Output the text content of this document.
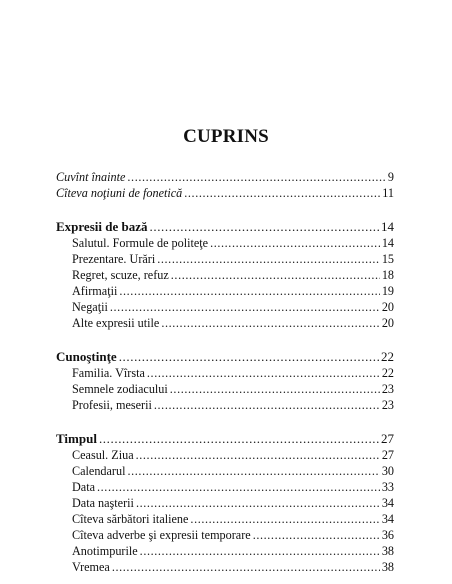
CUPRINS
Cuvînt înainte .....	9
Cîteva noţiuni de fonetică .....	11
Expresii de bază .....	14
Salutul. Formule de politeţe .....	14
Prezentare. Urări .....	15
Regret, scuze, refuz .....	18
Afirmaţii .....	19
Negaţii .....	20
Alte expresii utile .....	20
Cunoştinţe .....	22
Familia. Vîrsta .....	22
Semnele zodiacului .....	23
Profesii, meserii .....	23
Timpul .....	27
Ceasul. Ziua .....	27
Calendarul .....	30
Data .....	33
Data naşterii .....	34
Cîteva sărbători italiene .....	34
Cîteva adverbe şi expresii temporare .....	36
Anotimpurile .....	38
Vremea .....	38
